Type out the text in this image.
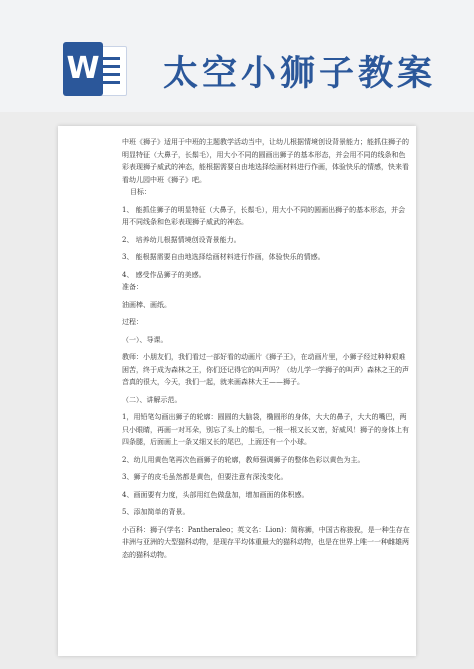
W 太空小狮子教案

中班《狮子》适用于中班的主题教学活动当中，让幼儿根据情境创设背景能力；能抓住狮子的明显特征（大鼻子，长鬃毛），用大小不同的圆画出狮子的基本形态，并会用不同的线条和色彩表现狮子威武的神态，能根据需要自由地选择绘画材料进行作画，体验快乐的情感，快来看看幼儿园中班《狮子》吧。

目标：

1、 能抓住狮子的明显特征（大鼻子，长鬃毛），用大小不同的圆画出狮子的基本形态，并会用不同线条和色彩表现狮子威武的神态。

2、 培养幼儿根据情境创设背景能力。

3、 能根据需要自由地选择绘画材料进行作画，体验快乐的情感。

4、 感受作品狮子的美感。

准备：

油画棒、画纸。

过程：

（一）、导课。

教师：小朋友们，我们看过一部好看的动画片《狮子王》，在动画片里，小狮子经过种种艰难困苦，终于成为森林之王，你们还记得它的叫声吗？（幼儿学一学狮子的叫声）森林之王的声音真的很大，今天，我们一起，就来画森林大王——狮子。

（二）、讲解示范。

1，用铅笔勾画出狮子的轮廓：圆圆的大脑袋，椭圆形的身体，大大的鼻子，大大的嘴巴，两只小眼睛，再画一对耳朵，别忘了头上的鬃毛，一根一根又长又密，好威风！狮子的身体上有四条腿，后面画上一条又细又长的尾巴，上面还有一个小球。

2、幼儿用黄色笔再次色画狮子的轮廓，教师强调狮子的整体色彩以黄色为主。

3、狮子的皮毛虽然都是黄色，但要注意有深浅变化。

4、画面要有力度，头部用红色做盘加，增加画面的体积感。

5、添加简单的背景。

小百科：狮子(学名：Pantheraleo；英文名：Lion)：简称狮，中国古称狻猊，是一种生存在非洲与亚洲的大型猫科动物，是现存平均体重最大的猫科动物，也是在世界上唯一一种雌雄两态的猫科动物。
